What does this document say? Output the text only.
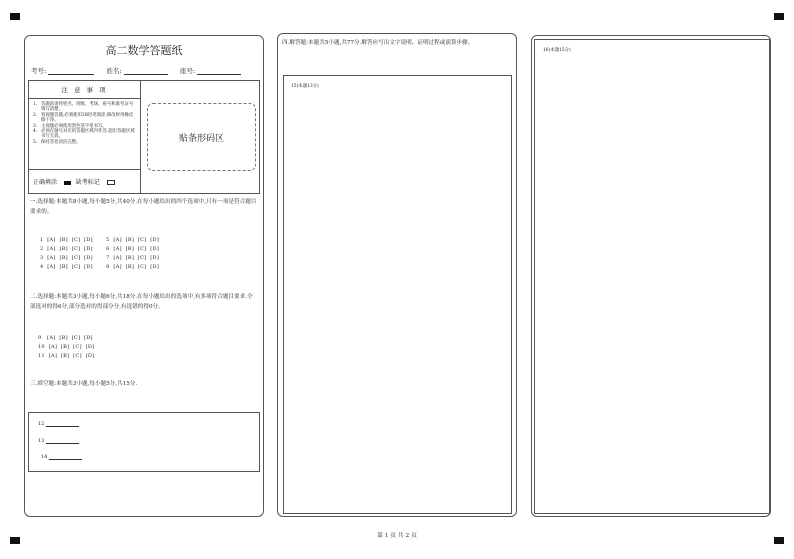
高二数学答题纸
考号:	姓名:	座号:
注 意 事 项
1. 答题前请将姓名、班级、考场、座号和准考证号填写清楚。
2. 客观题答题,必须使用2B铅笔填涂,修改时用橡皮擦干净。
3. 主观题必须使用黑色签字笔书写。
4. 必须在题号对应的答题区域内作答,超出答题区域书写无效。
5. 保持答卷清洁完整。
正确填涂	缺考标记
贴条形码区
一.选择题:本题共8小题,每小题5分,共40分.在每小题给出的四个选项中,只有一项是符合题目要求的。
1  [A]  [B]  [C]  [D]       5  [A]  [B]  [C]  [D]
2  [A]  [B]  [C]  [D]       6  [A]  [B]  [C]  [D]
3  [A]  [B]  [C]  [D]       7  [A]  [B]  [C]  [D]
4  [A]  [B]  [C]  [D]       8  [A]  [B]  [C]  [D]
二.选择题:本题共3小题,每小题6分,共18分.在每小题给出的选项中,有多项符合题目要求.全部选对的得6分,部分选对的得部分分,有选错的得0分。
9   [A]  [B]  [C]  [D]
10  [A]  [B]  [C]  [D]
11  [A]  [B]  [C]  [D]
三.填空题:本题共3小题,每小题5分,共15分.
12
13
14
四.解答题:本题共5小题,共77分.解答应写出文字说明、证明过程或演算步骤。
15(本题13分)
16(本题15分)
第 1 页 共 2 页
